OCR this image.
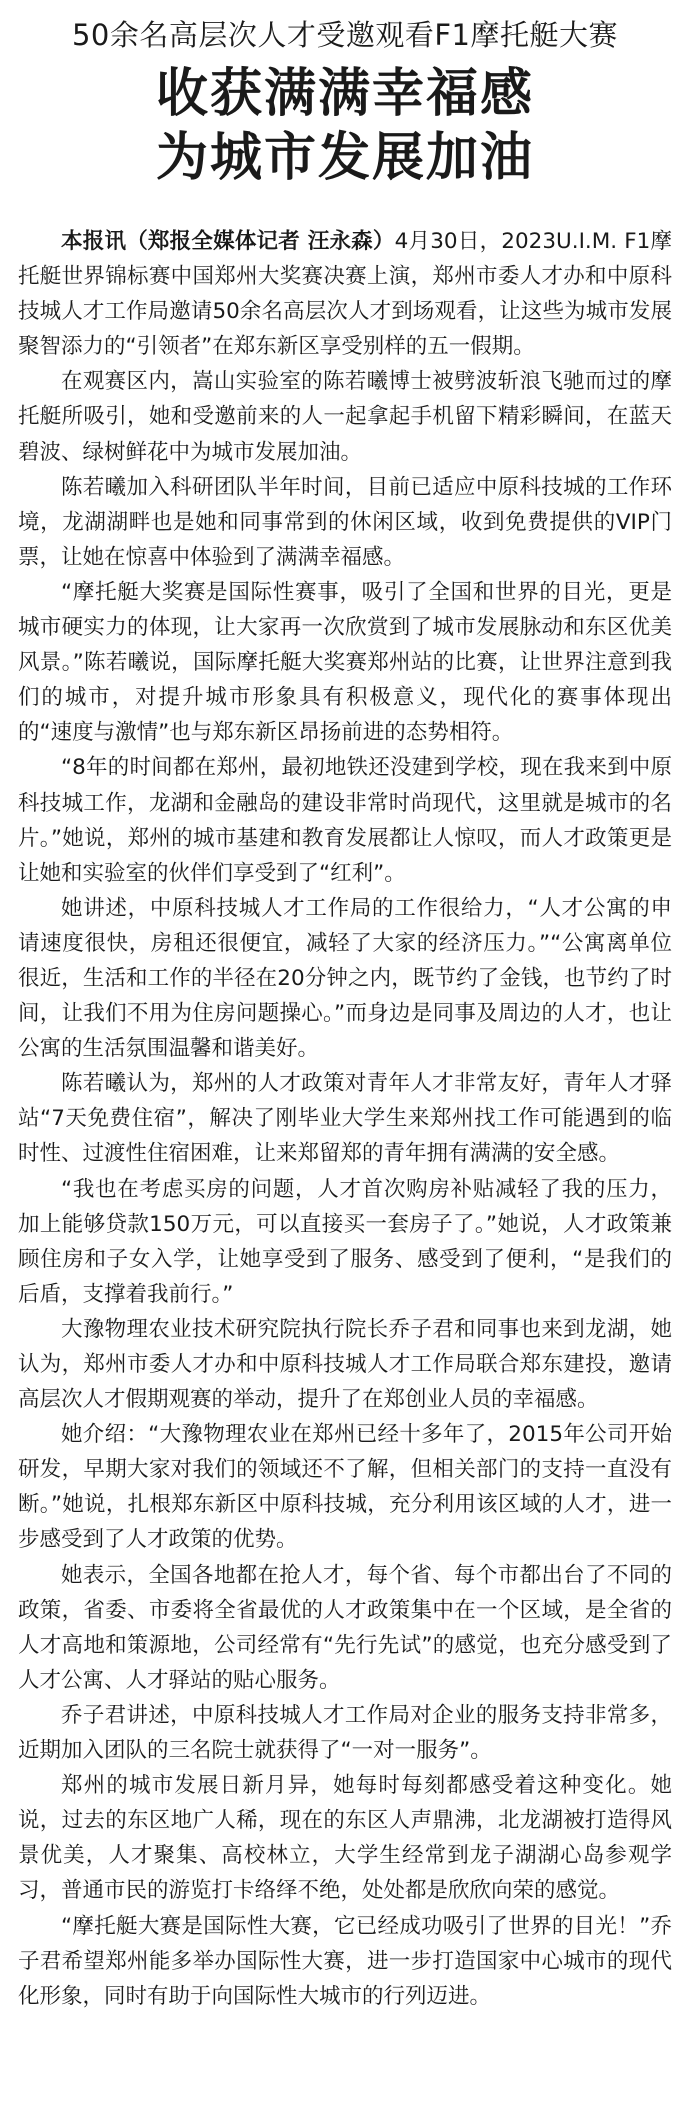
50余名高层次人才受邀观看F1摩托艇大赛
收获满满幸福感
为城市发展加油

本报讯（郑报全媒体记者 汪永森）4月30日，2023U.I.M. F1摩托艇世界锦标赛中国郑州大奖赛决赛上演，郑州市委人才办和中原科技城人才工作局邀请50余名高层次人才到场观看，让这些为城市发展聚智添力的“引领者”在郑东新区享受别样的五一假期。

在观赛区内，嵩山实验室的陈若曦博士被劈波斩浪飞驰而过的摩托艇所吸引，她和受邀前来的人一起拿起手机留下精彩瞬间，在蓝天碧波、绿树鲜花中为城市发展加油。

陈若曦加入科研团队半年时间，目前已适应中原科技城的工作环境，龙湖湖畔也是她和同事常到的休闲区域，收到免费提供的VIP门票，让她在惊喜中体验到了满满幸福感。

“摩托艇大奖赛是国际性赛事，吸引了全国和世界的目光，更是城市硬实力的体现，让大家再一次欣赏到了城市发展脉动和东区优美风景。”陈若曦说，国际摩托艇大奖赛郑州站的比赛，让世界注意到我们的城市，对提升城市形象具有积极意义，现代化的赛事体现出的“速度与激情”也与郑东新区昂扬前进的态势相符。

“8年的时间都在郑州，最初地铁还没建到学校，现在我来到中原科技城工作，龙湖和金融岛的建设非常时尚现代，这里就是城市的名片。”她说，郑州的城市基建和教育发展都让人惊叹，而人才政策更是让她和实验室的伙伴们享受到了“红利”。

她讲述，中原科技城人才工作局的工作很给力，“人才公寓的申请速度很快，房租还很便宜，减轻了大家的经济压力。”“公寓离单位很近，生活和工作的半径在20分钟之内，既节约了金钱，也节约了时间，让我们不用为住房问题操心。”而身边是同事及周边的人才，也让公寓的生活氛围温馨和谐美好。

陈若曦认为，郑州的人才政策对青年人才非常友好，青年人才驿站“7天免费住宿”，解决了刚毕业大学生来郑州找工作可能遇到的临时性、过渡性住宿困难，让来郑留郑的青年拥有满满的安全感。

“我也在考虑买房的问题，人才首次购房补贴减轻了我的压力，加上能够贷款150万元，可以直接买一套房子了。”她说，人才政策兼顾住房和子女入学，让她享受到了服务、感受到了便利，“是我们的后盾，支撑着我前行。”

大豫物理农业技术研究院执行院长乔子君和同事也来到龙湖，她认为，郑州市委人才办和中原科技城人才工作局联合郑东建投，邀请高层次人才假期观赛的举动，提升了在郑创业人员的幸福感。

她介绍：“大豫物理农业在郑州已经十多年了，2015年公司开始研发，早期大家对我们的领域还不了解，但相关部门的支持一直没有断。”她说，扎根郑东新区中原科技城，充分利用该区域的人才，进一步感受到了人才政策的优势。

她表示，全国各地都在抢人才，每个省、每个市都出台了不同的政策，省委、市委将全省最优的人才政策集中在一个区域，是全省的人才高地和策源地，公司经常有“先行先试”的感觉，也充分感受到了人才公寓、人才驿站的贴心服务。

乔子君讲述，中原科技城人才工作局对企业的服务支持非常多，近期加入团队的三名院士就获得了“一对一服务”。

郑州的城市发展日新月异，她每时每刻都感受着这种变化。她说，过去的东区地广人稀，现在的东区人声鼎沸，北龙湖被打造得风景优美，人才聚集、高校林立，大学生经常到龙子湖湖心岛参观学习，普通市民的游览打卡络绎不绝，处处都是欣欣向荣的感觉。

“摩托艇大赛是国际性大赛，它已经成功吸引了世界的目光！”乔子君希望郑州能多举办国际性大赛，进一步打造国家中心城市的现代化形象，同时有助于向国际性大城市的行列迈进。
